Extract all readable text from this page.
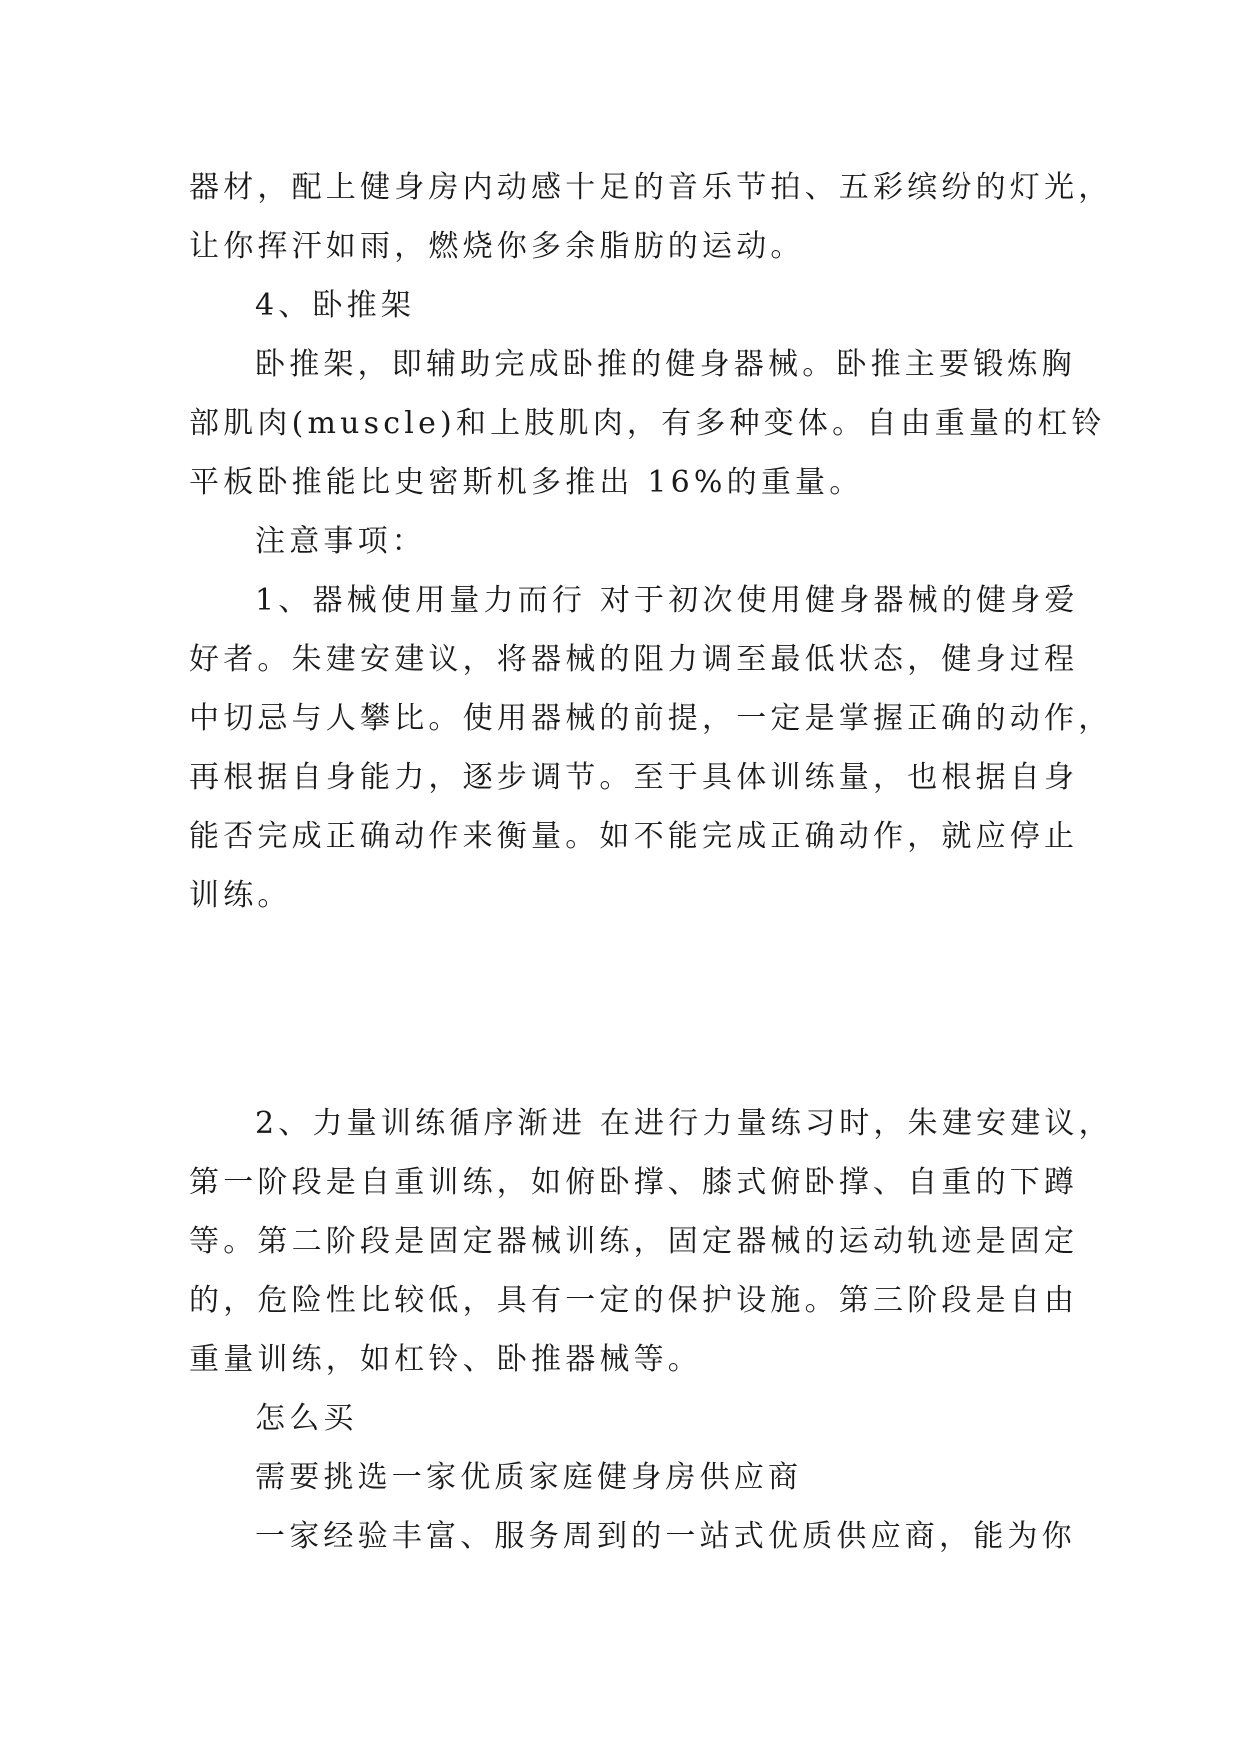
器材，配上健身房内动感十足的音乐节拍、五彩缤纷的灯光，
让你挥汗如雨，燃烧你多余脂肪的运动。
4、卧推架
卧推架，即辅助完成卧推的健身器械。卧推主要锻炼胸
部肌肉(muscle)和上肢肌肉，有多种变体。自由重量的杠铃
平板卧推能比史密斯机多推出 16%的重量。
注意事项：
1、器械使用量力而行 对于初次使用健身器械的健身爱
好者。朱建安建议，将器械的阻力调至最低状态，健身过程
中切忌与人攀比。使用器械的前提，一定是掌握正确的动作，
再根据自身能力，逐步调节。至于具体训练量，也根据自身
能否完成正确动作来衡量。如不能完成正确动作，就应停止
训练。
2、力量训练循序渐进 在进行力量练习时，朱建安建议，
第一阶段是自重训练，如俯卧撑、膝式俯卧撑、自重的下蹲
等。第二阶段是固定器械训练，固定器械的运动轨迹是固定
的，危险性比较低，具有一定的保护设施。第三阶段是自由
重量训练，如杠铃、卧推器械等。
怎么买
需要挑选一家优质家庭健身房供应商
一家经验丰富、服务周到的一站式优质供应商，能为你
